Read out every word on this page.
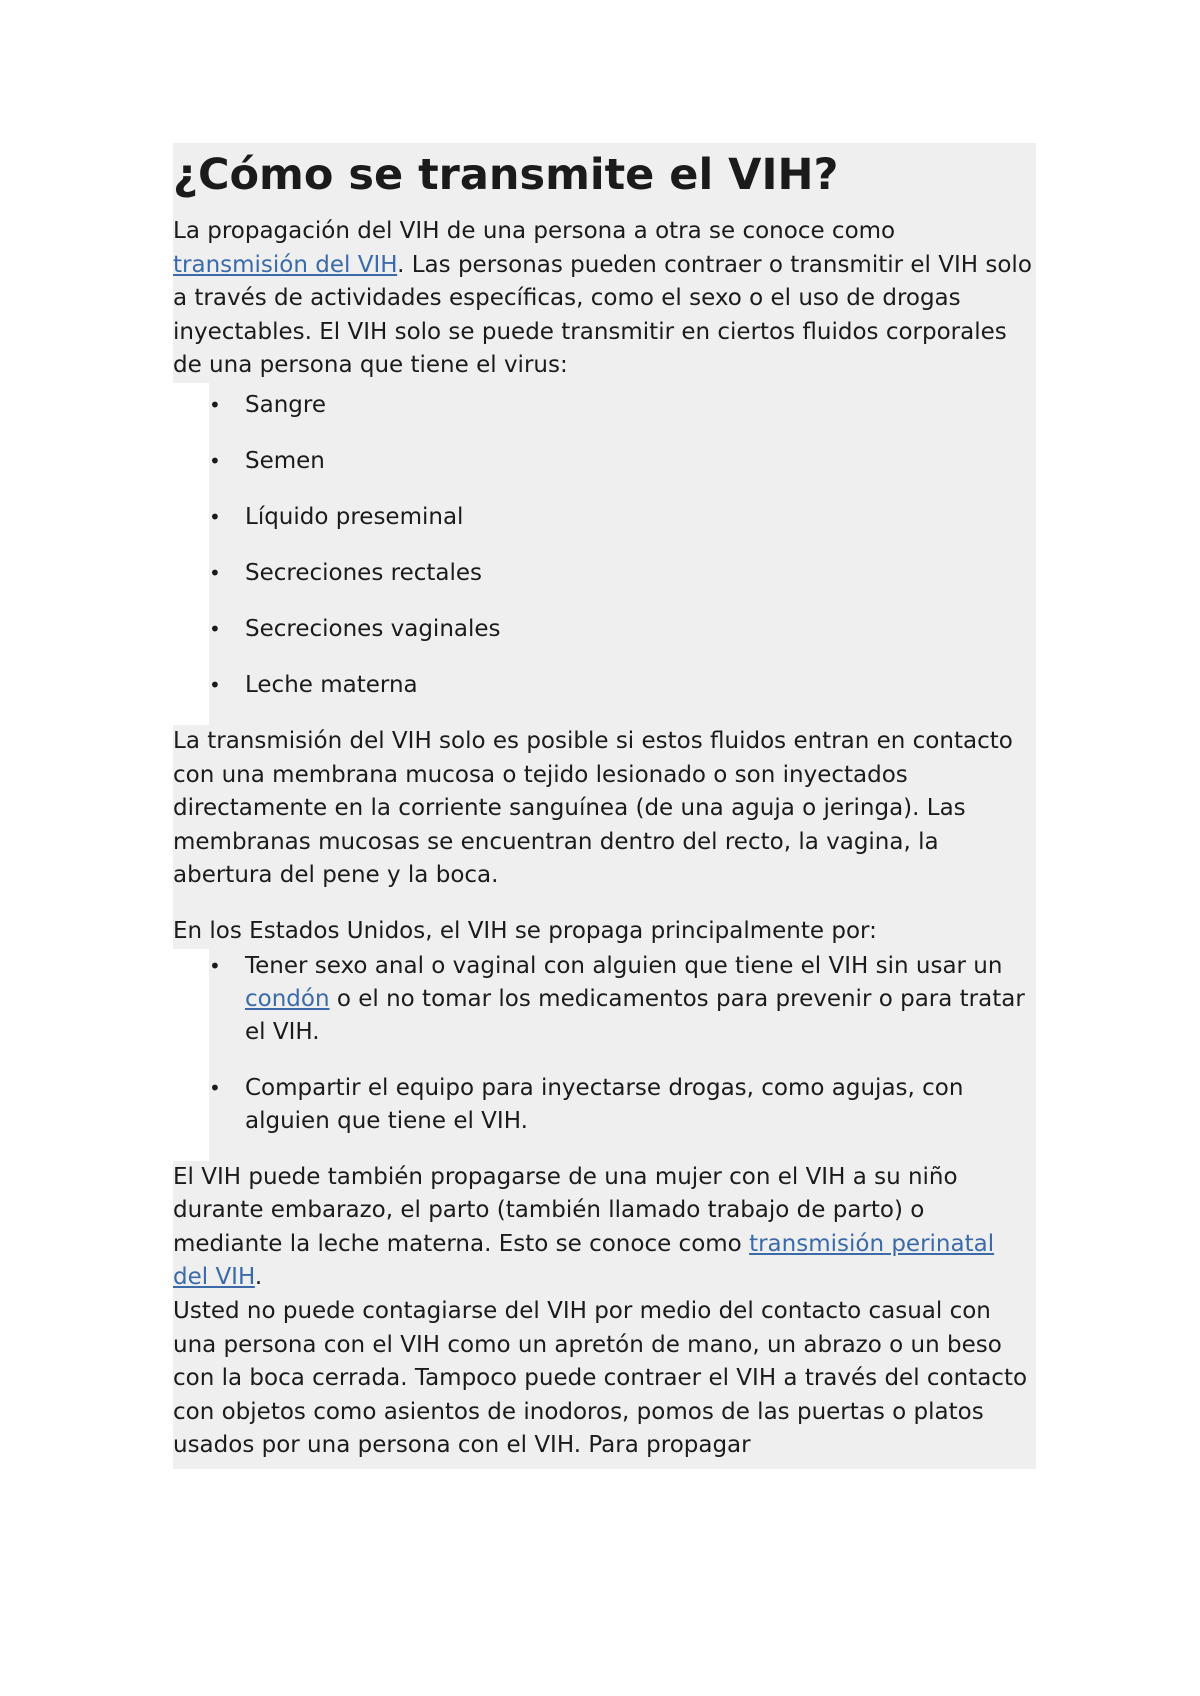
¿Cómo se transmite el VIH?

La propagación del VIH de una persona a otra se conoce como transmisión del VIH. Las personas pueden contraer o transmitir el VIH solo a través de actividades específicas, como el sexo o el uso de drogas inyectables. El VIH solo se puede transmitir en ciertos fluidos corporales de una persona que tiene el virus:

• Sangre
• Semen
• Líquido preseminal
• Secreciones rectales
• Secreciones vaginales
• Leche materna

La transmisión del VIH solo es posible si estos fluidos entran en contacto con una membrana mucosa o tejido lesionado o son inyectados directamente en la corriente sanguínea (de una aguja o jeringa). Las membranas mucosas se encuentran dentro del recto, la vagina, la abertura del pene y la boca.

En los Estados Unidos, el VIH se propaga principalmente por:

• Tener sexo anal o vaginal con alguien que tiene el VIH sin usar un condón o el no tomar los medicamentos para prevenir o para tratar el VIH.
• Compartir el equipo para inyectarse drogas, como agujas, con alguien que tiene el VIH.

El VIH puede también propagarse de una mujer con el VIH a su niño durante embarazo, el parto (también llamado trabajo de parto) o mediante la leche materna. Esto se conoce como transmisión perinatal del VIH.

Usted no puede contagiarse del VIH por medio del contacto casual con una persona con el VIH como un apretón de mano, un abrazo o un beso con la boca cerrada. Tampoco puede contraer el VIH a través del contacto con objetos como asientos de inodoros, pomos de las puertas o platos usados por una persona con el VIH. Para propagar
